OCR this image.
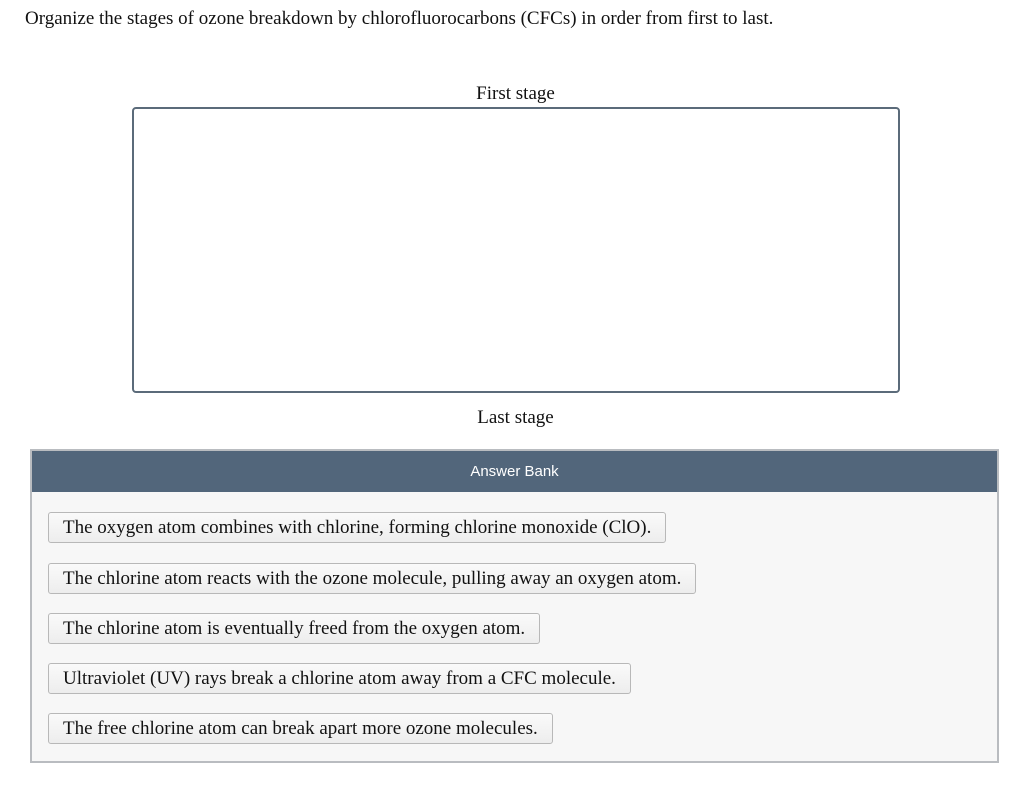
Organize the stages of ozone breakdown by chlorofluorocarbons (CFCs) in order from first to last.
First stage
Last stage
Answer Bank
The oxygen atom combines with chlorine, forming chlorine monoxide (ClO).
The chlorine atom reacts with the ozone molecule, pulling away an oxygen atom.
The chlorine atom is eventually freed from the oxygen atom.
Ultraviolet (UV) rays break a chlorine atom away from a CFC molecule.
The free chlorine atom can break apart more ozone molecules.
